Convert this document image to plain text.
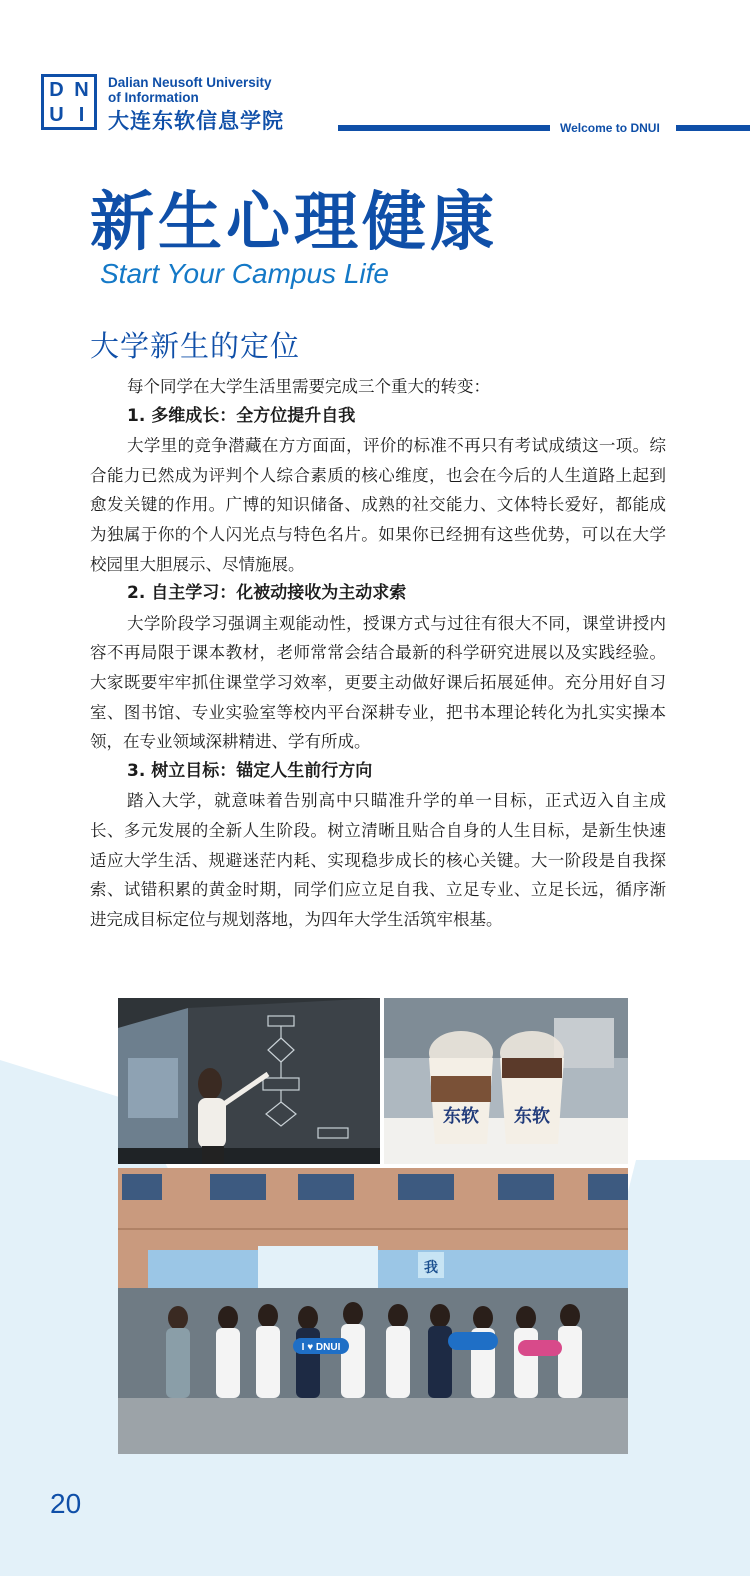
D N
U I
Dalian Neusoft University
of Information
大连东软信息学院	Welcome to DNUI
新生心理健康
Start Your Campus Life
大学新生的定位

每个同学在大学生活里需要完成三个重大的转变：

1. 多维成长：全方位提升自我

大学里的竞争潜藏在方方面面，评价的标准不再只有考试成绩这一项。综合能力已然成为评判个人综合素质的核心维度，也会在今后的人生道路上起到愈发关键的作用。广博的知识储备、成熟的社交能力、文体特长爱好，都能成为独属于你的个人闪光点与特色名片。如果你已经拥有这些优势，可以在大学校园里大胆展示、尽情施展。

2. 自主学习：化被动接收为主动求索

大学阶段学习强调主观能动性，授课方式与过往有很大不同，课堂讲授内容不再局限于课本教材，老师常常会结合最新的科学研究进展以及实践经验。大家既要牢牢抓住课堂学习效率，更要主动做好课后拓展延伸。充分用好自习室、图书馆、专业实验室等校内平台深耕专业，把书本理论转化为扎实实操本领，在专业领域深耕精进、学有所成。

3. 树立目标：锚定人生前行方向

踏入大学，就意味着告别高中只瞄准升学的单一目标，正式迈入自主成长、多元发展的全新人生阶段。树立清晰且贴合自身的人生目标，是新生快速适应大学生活、规避迷茫内耗、实现稳步成长的核心关键。大一阶段是自我探索、试错积累的黄金时期，同学们应立足自我、立足专业、立足长远，循序渐进完成目标定位与规划落地，为四年大学生活筑牢根基。

东软 东软
我
I ♥ DNUI
20
